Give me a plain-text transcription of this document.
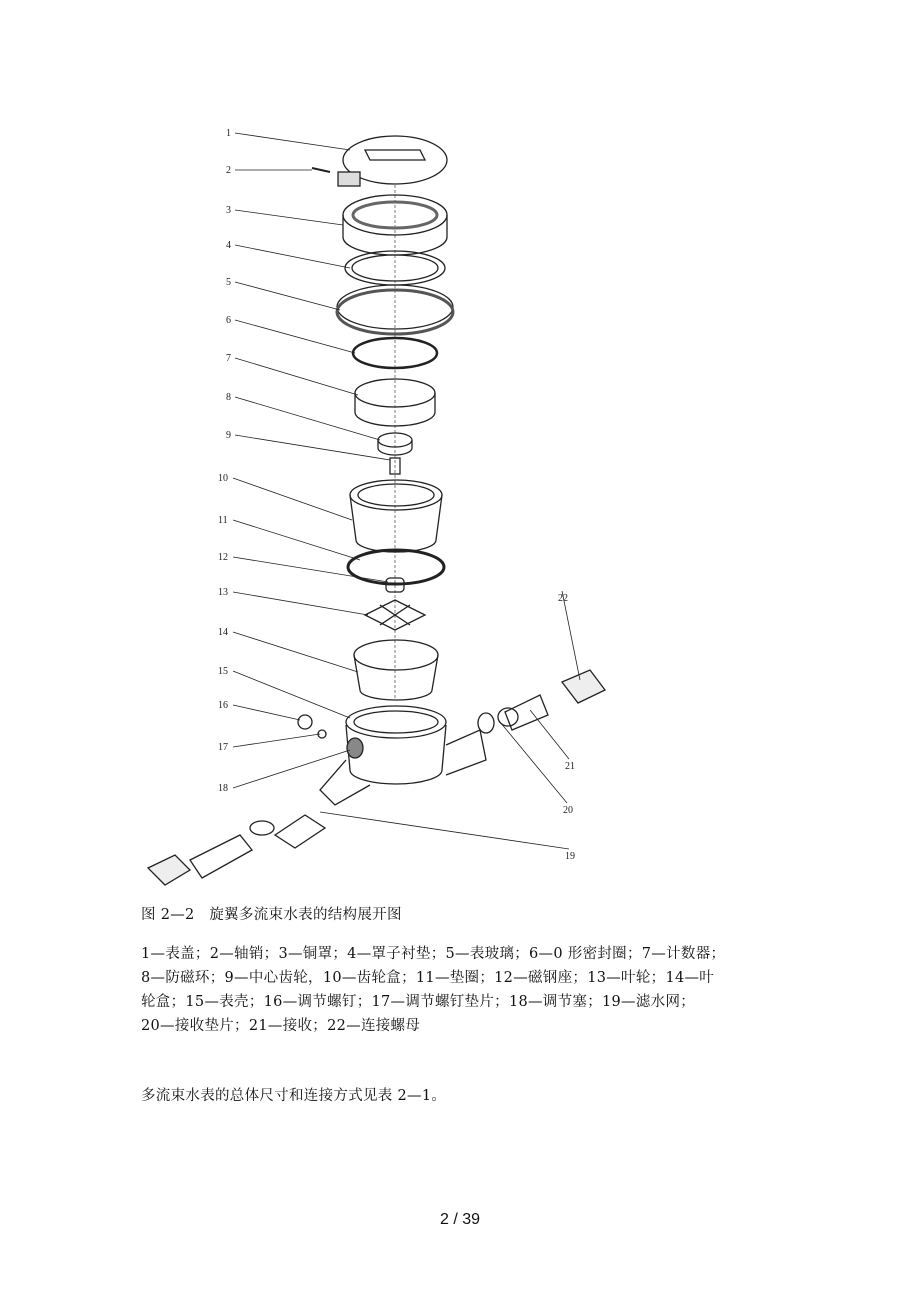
1
2
3
4
5
6
7
8
9
10
11
12
13
14
15
16
17
18
19
20
21
22
图 2—2　旋翼多流束水表的结构展开图
1—表盖；2—轴销；3—铜罩；4—罩子衬垫；5—表玻璃；6—0 形密封圈；7—计数器；
8—防磁环；9—中心齿轮，10—齿轮盒；11—垫圈；12—磁钢座；13—叶轮；14—叶
轮盒；15—表壳；16—调节螺钉；17—调节螺钉垫片；18—调节塞；19—滤水网；
20—接收垫片；21—接收；22—连接螺母
多流束水表的总体尺寸和连接方式见表 2—1。
2 / 39
